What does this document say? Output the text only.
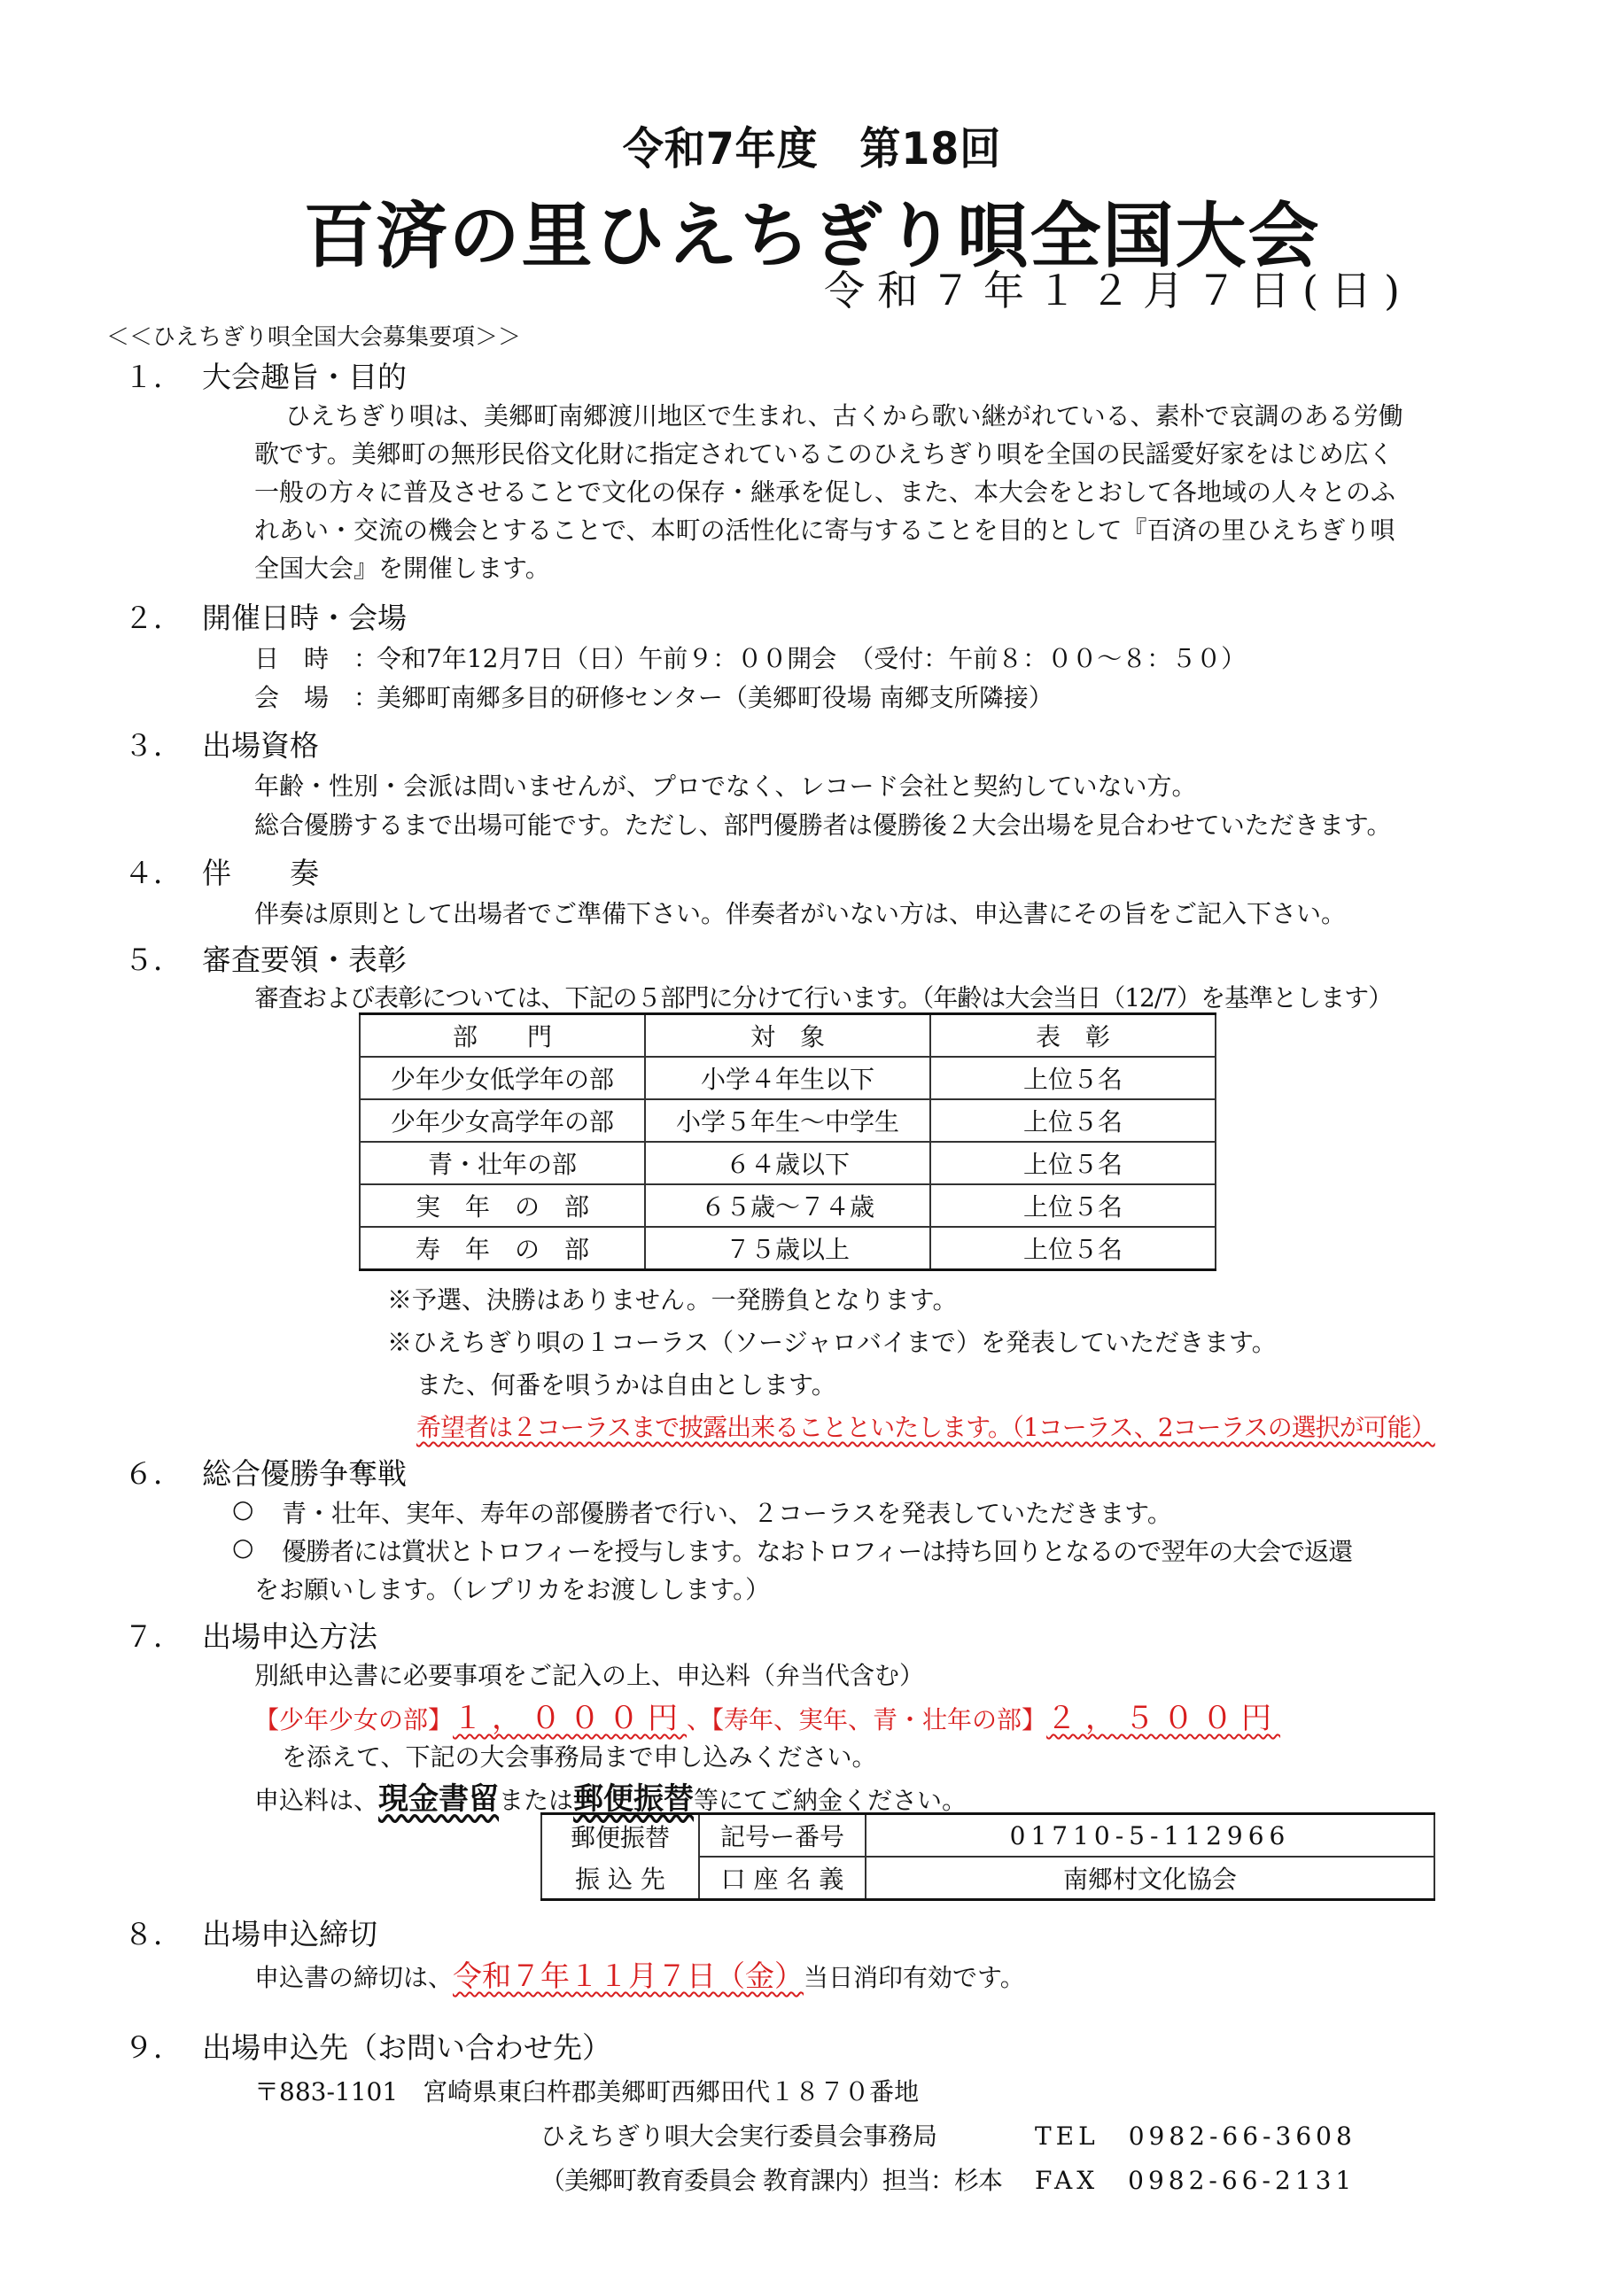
令和7年度　第18回
百済の里ひえちぎり唄全国大会
令和７年１２月７日(日)
＜＜ひえちぎり唄全国大会募集要項＞＞
１． 大会趣旨・目的
ひえちぎり唄は、美郷町南郷渡川地区で生まれ、古くから歌い継がれている、素朴で哀調のある労働
歌です。美郷町の無形民俗文化財に指定されているこのひえちぎり唄を全国の民謡愛好家をはじめ広く
一般の方々に普及させることで文化の保存・継承を促し、また、本大会をとおして各地域の人々とのふ
れあい・交流の機会とすることで、本町の活性化に寄与することを目的として『百済の里ひえちぎり唄
全国大会』を開催します。
２． 開催日時・会場
日　時　：
令和7年12月7日（日）午前９：００開会　（受付：午前８：００～８：５０）
会　場　：
美郷町南郷多目的研修センター（美郷町役場 南郷支所隣接）
３． 出場資格
年齢・性別・会派は問いませんが、プロでなく、レコード会社と契約していない方。
総合優勝するまで出場可能です。ただし、部門優勝者は優勝後２大会出場を見合わせていただきます。
４． 伴　　奏
伴奏は原則として出場者でご準備下さい。伴奏者がいない方は、申込書にその旨をご記入下さい。
５． 審査要領・表彰
審査および表彰については、下記の５部門に分けて行います。（年齢は大会当日（12/7）を基準とします）
部　　門	対　象	表　彰
少年少女低学年の部	小学４年生以下	上位５名
少年少女高学年の部	小学５年生～中学生	上位５名
青・壮年の部	６４歳以下	上位５名
実　年　の　部	６５歳～７４歳	上位５名
寿　年　の　部	７５歳以上	上位５名
※予選、決勝はありません。一発勝負となります。
※ひえちぎり唄の１コーラス（ソージャロバイまで）を発表していただきます。
また、何番を唄うかは自由とします。
希望者は２コーラスまで披露出来ることといたします。（1コーラス、2コーラスの選択が可能）
６． 総合優勝争奪戦
○ 青・壮年、実年、寿年の部優勝者で行い、２コーラスを発表していただきます。
○ 優勝者には賞状とトロフィーを授与します。なおトロフィーは持ち回りとなるので翌年の大会で返還
をお願いします。（レプリカをお渡しします。）
７． 出場申込方法
別紙申込書に必要事項をご記入の上、申込料（弁当代含む）
【少年少女の部】１，０００円、【寿年、実年、青・壮年の部】２，５００円
を添えて、下記の大会事務局まで申し込みください。
申込料は、現金書留または郵便振替等にてご納金ください。
郵便振替	記号ー番号	01710-5-112966
振 込 先	口 座 名 義	南郷村文化協会
８． 出場申込締切
申込書の締切は、令和７年１１月７日（金）当日消印有効です。
９． 出場申込先（お問い合わせ先）
〒883-1101　宮崎県東臼杵郡美郷町西郷田代１８７０番地
ひえちぎり唄大会実行委員会事務局	TEL　0982-66-3608
（美郷町教育委員会 教育課内）担当：杉本 FAX　0982-66-2131
